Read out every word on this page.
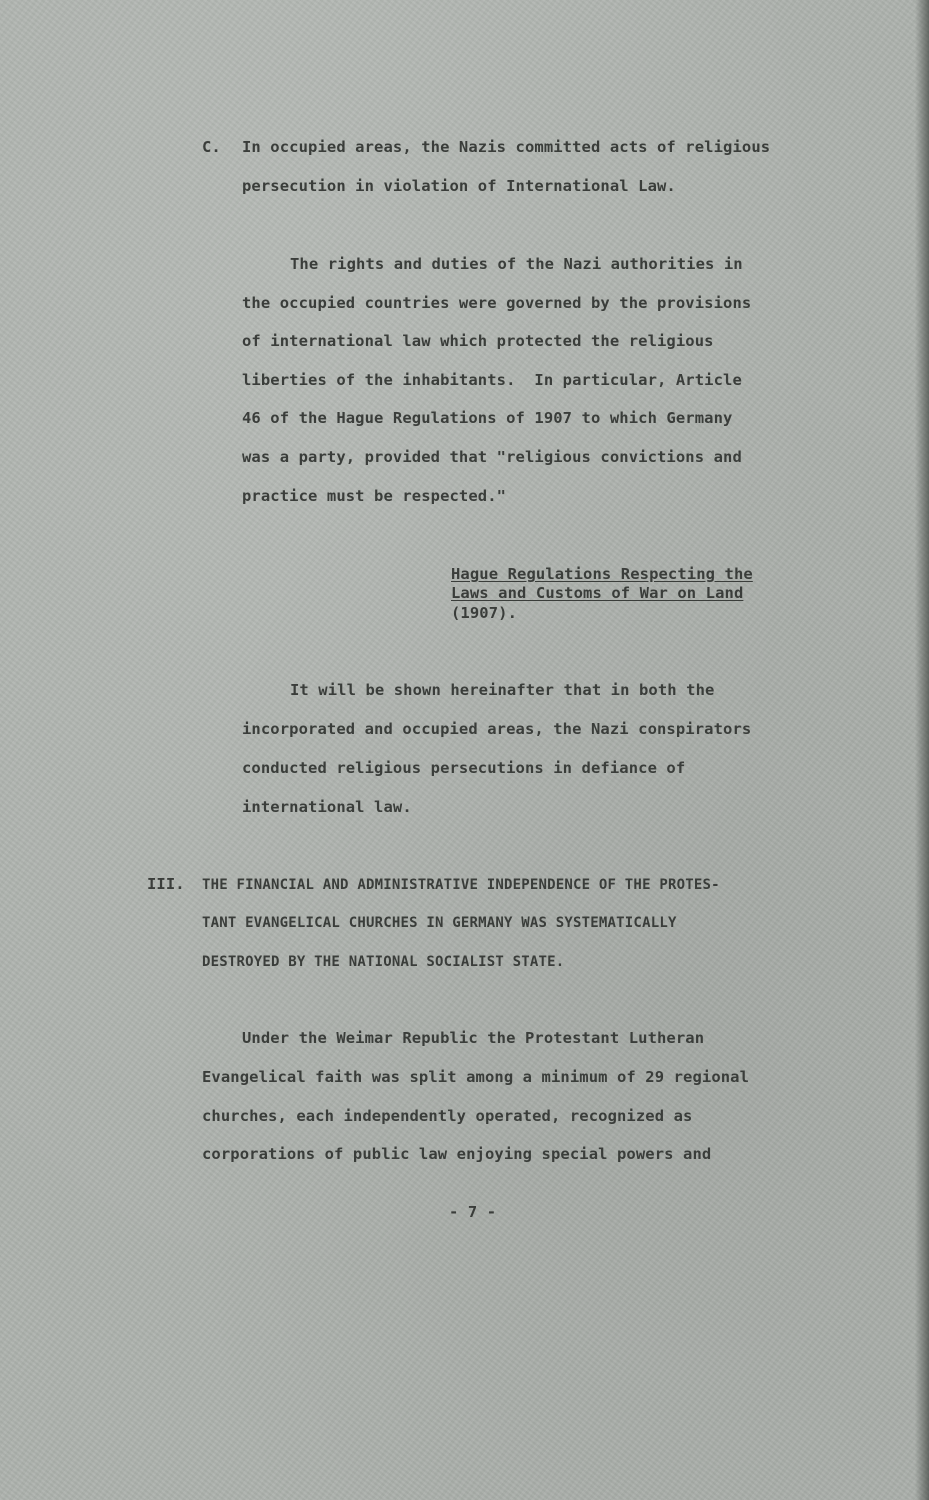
C. In occupied areas, the Nazis committed acts of religious

persecution in violation of International Law.

The rights and duties of the Nazi authorities in

the occupied countries were governed by the provisions

of international law which protected the religious

liberties of the inhabitants.  In particular, Article

46 of the Hague Regulations of 1907 to which Germany

was a party, provided that "religious convictions and

practice must be respected."

Hague Regulations Respecting the

Laws and Customs of War on Land

(1907).

It will be shown hereinafter that in both the

incorporated and occupied areas, the Nazi conspirators

conducted religious persecutions in defiance of

international law.

III. THE FINANCIAL AND ADMINISTRATIVE INDEPENDENCE OF THE PROTES-

TANT EVANGELICAL CHURCHES IN GERMANY WAS SYSTEMATICALLY

DESTROYED BY THE NATIONAL SOCIALIST STATE.

Under the Weimar Republic the Protestant Lutheran

Evangelical faith was split among a minimum of 29 regional

churches, each independently operated, recognized as

corporations of public law enjoying special powers and

- 7 -
